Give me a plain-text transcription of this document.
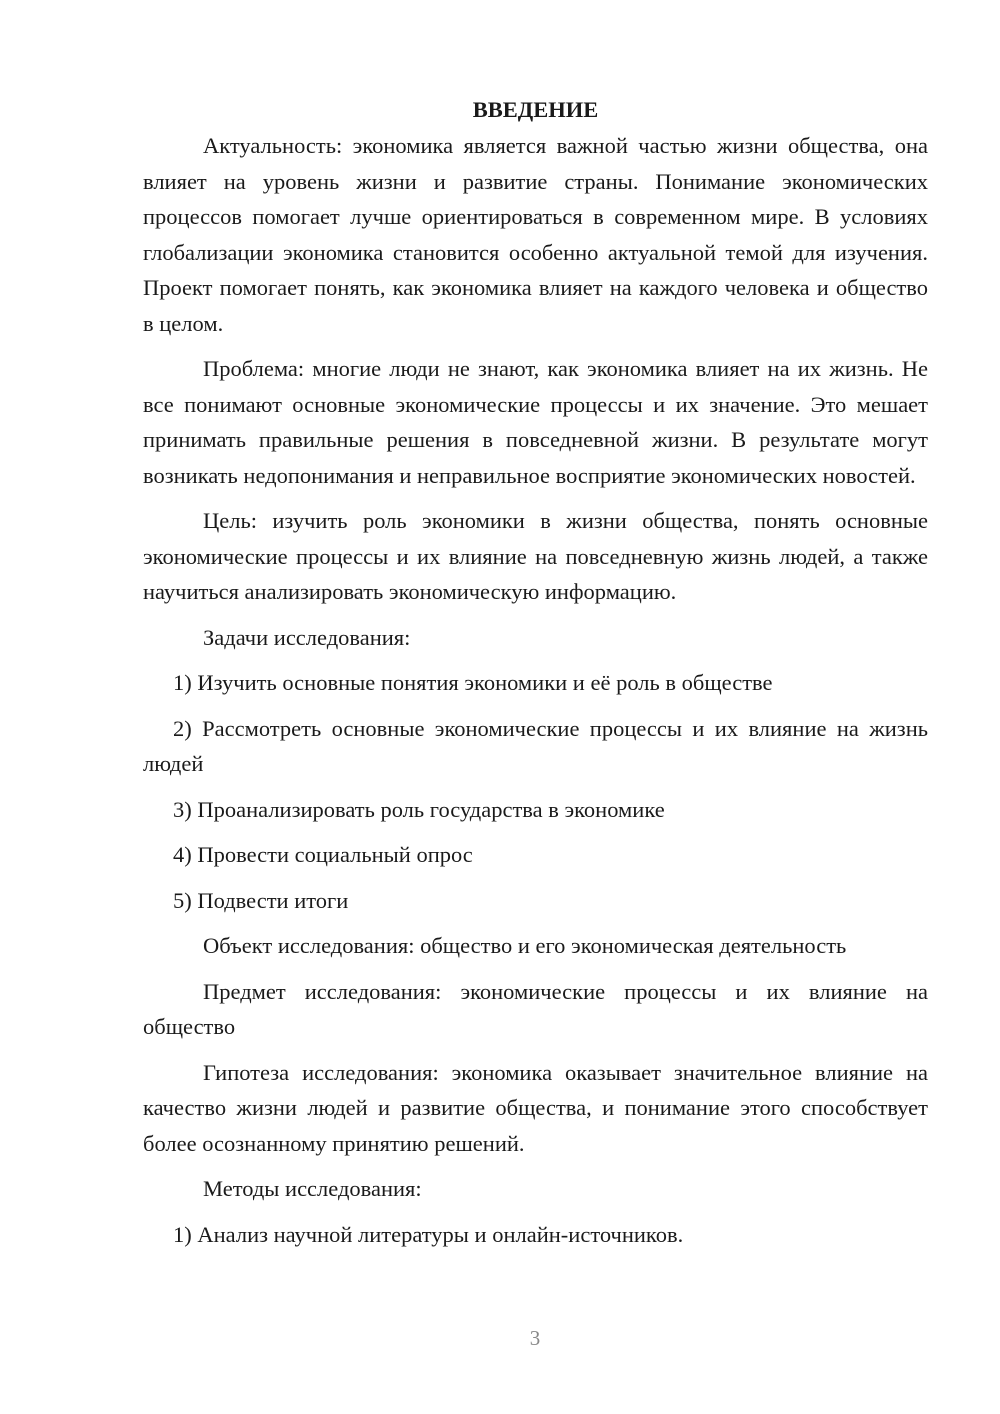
ВВЕДЕНИЕ

Актуальность: экономика является важной частью жизни общества, она влияет на уровень жизни и развитие страны. Понимание экономических процессов помогает лучше ориентироваться в современном мире. В условиях глобализации экономика становится особенно актуальной темой для изучения. Проект помогает понять, как экономика влияет на каждого человека и общество в целом.

Проблема: многие люди не знают, как экономика влияет на их жизнь. Не все понимают основные экономические процессы и их значение. Это мешает принимать правильные решения в повседневной жизни. В результате могут возникать недопонимания и неправильное восприятие экономических новостей.

Цель: изучить роль экономики в жизни общества, понять основные экономические процессы и их влияние на повседневную жизнь людей, а также научиться анализировать экономическую информацию.

Задачи исследования:

1) Изучить основные понятия экономики и её роль в обществе

2) Рассмотреть основные экономические процессы и их влияние на жизнь людей

3) Проанализировать роль государства в экономике

4) Провести социальный опрос

5) Подвести итоги

Объект исследования: общество и его экономическая деятельность

Предмет исследования: экономические процессы и их влияние на общество

Гипотеза исследования: экономика оказывает значительное влияние на качество жизни людей и развитие общества, и понимание этого способствует более осознанному принятию решений.

Методы исследования:

1) Анализ научной литературы и онлайн-источников.

3
